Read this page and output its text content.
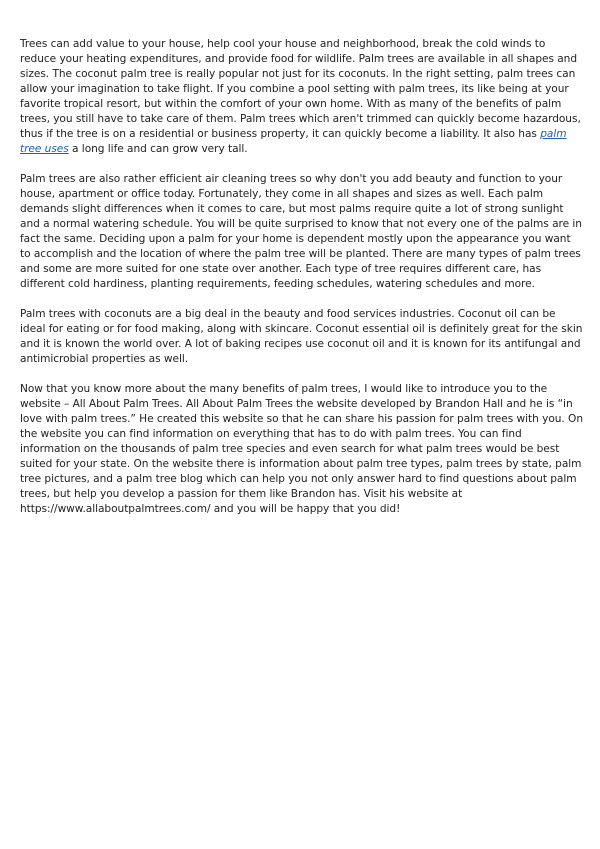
Trees can add value to your house, help cool your house and neighborhood, break the cold winds to reduce your heating expenditures, and provide food for wildlife. Palm trees are available in all shapes and sizes. The coconut palm tree is really popular not just for its coconuts. In the right setting, palm trees can allow your imagination to take flight. If you combine a pool setting with palm trees, its like being at your favorite tropical resort, but within the comfort of your own home. With as many of the benefits of palm trees, you still have to take care of them. Palm trees which aren't trimmed can quickly become hazardous, thus if the tree is on a residential or business property, it can quickly become a liability. It also has palm tree uses a long life and can grow very tall.

Palm trees are also rather efficient air cleaning trees so why don't you add beauty and function to your house, apartment or office today. Fortunately, they come in all shapes and sizes as well. Each palm demands slight differences when it comes to care, but most palms require quite a lot of strong sunlight and a normal watering schedule. You will be quite surprised to know that not every one of the palms are in fact the same. Deciding upon a palm for your home is dependent mostly upon the appearance you want to accomplish and the location of where the palm tree will be planted. There are many types of palm trees and some are more suited for one state over another. Each type of tree requires different care, has different cold hardiness, planting requirements, feeding schedules, watering schedules and more.

Palm trees with coconuts are a big deal in the beauty and food services industries. Coconut oil can be ideal for eating or for food making, along with skincare. Coconut essential oil is definitely great for the skin and it is known the world over. A lot of baking recipes use coconut oil and it is known for its antifungal and antimicrobial properties as well.

Now that you know more about the many benefits of palm trees, I would like to introduce you to the website – All About Palm Trees. All About Palm Trees the website developed by Brandon Hall and he is “in love with palm trees.” He created this website so that he can share his passion for palm trees with you. On the website you can find information on everything that has to do with palm trees. You can find information on the thousands of palm tree species and even search for what palm trees would be best suited for your state. On the website there is information about palm tree types, palm trees by state, palm tree pictures, and a palm tree blog which can help you not only answer hard to find questions about palm trees, but help you develop a passion for them like Brandon has. Visit his website at https://www.allaboutpalmtrees.com/ and you will be happy that you did!
